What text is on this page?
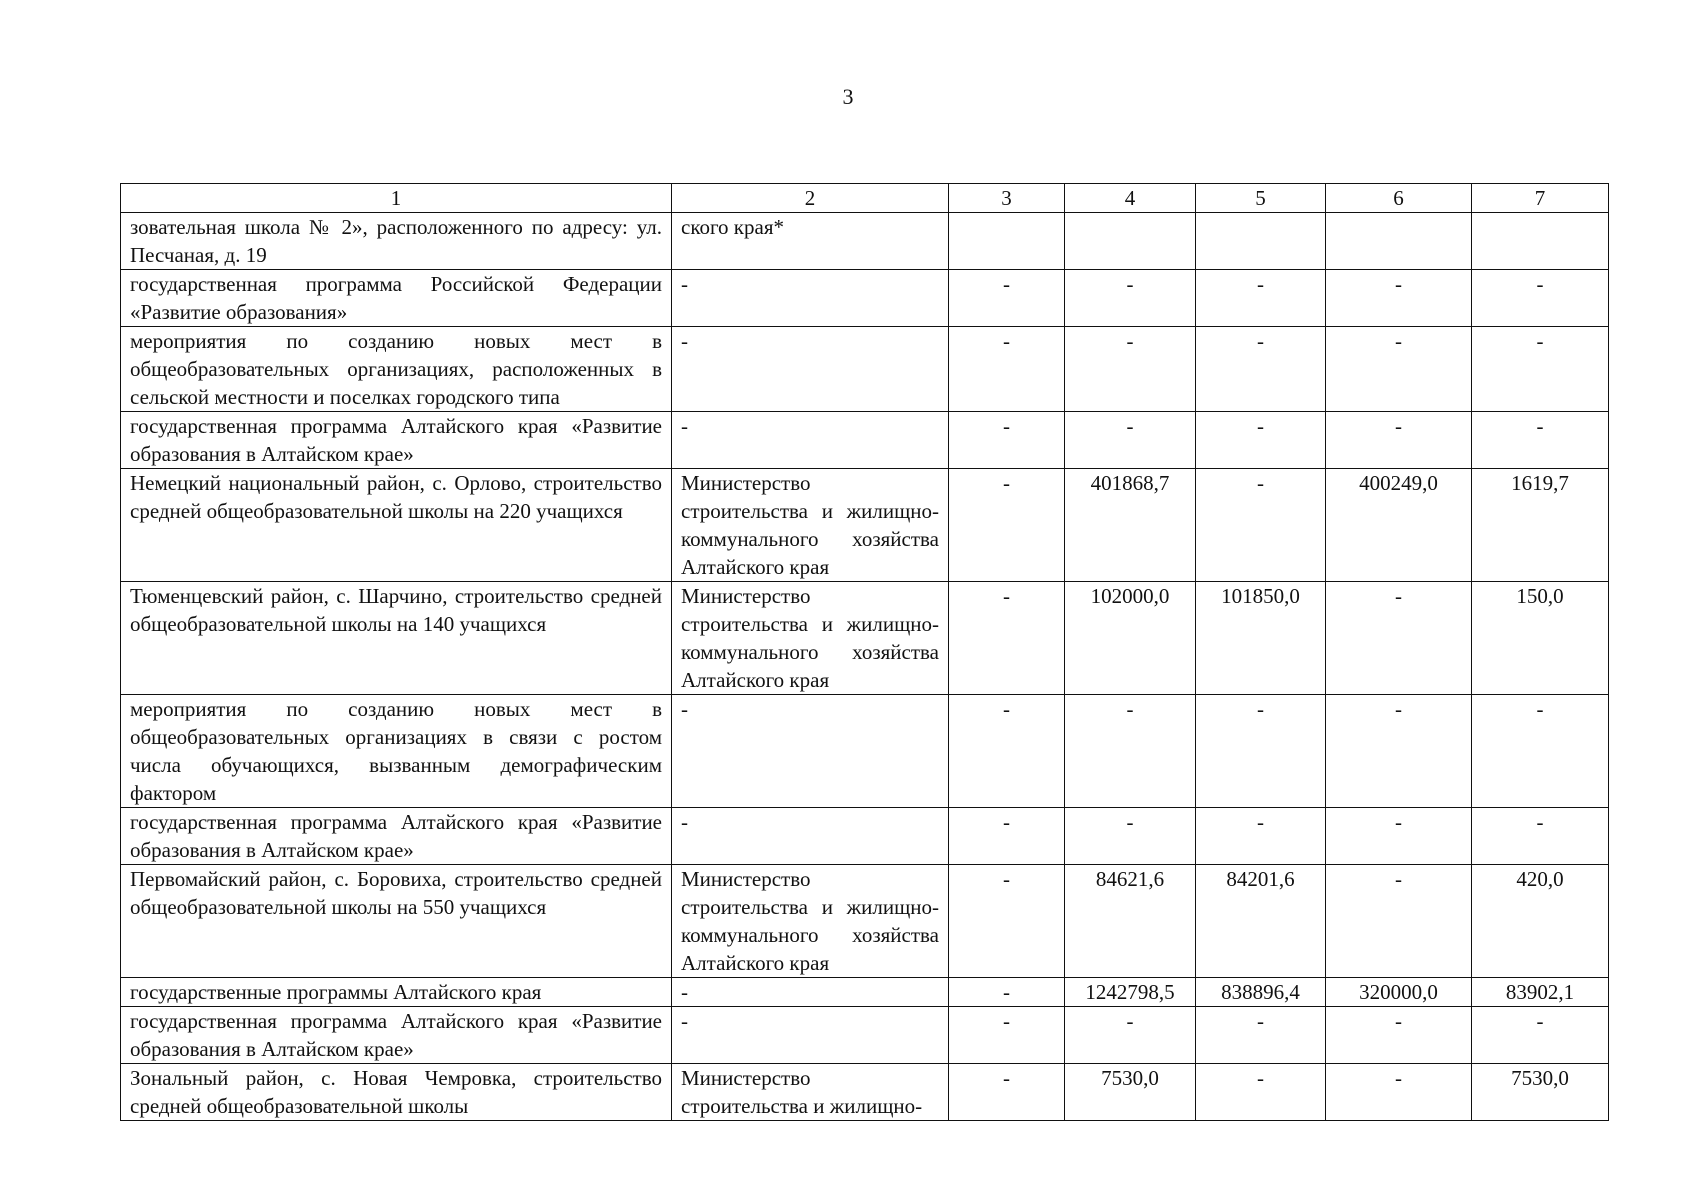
3
1	2	3	4	5	6	7
зовательная школа № 2», расположенного по адресу: ул. Песчаная, д. 19	ского края*					
государственная программа Российской Федерации «Развитие образования»	-	-	-	-	-	-
мероприятия по созданию новых мест в общеобразовательных организациях, расположенных в сельской местности и поселках городского типа	-	-	-	-	-	-
государственная программа Алтайского края «Развитие образования в Алтайском крае»	-	-	-	-	-	-
Немецкий национальный район, с. Орлово, строительство средней общеобразовательной школы на 220 учащихся	Министерство строительства и жилищно-коммунального хозяйства Алтайского края	-	401868,7	-	400249,0	1619,7
Тюменцевский район, с. Шарчино, строительство средней общеобразовательной школы на 140 учащихся	Министерство строительства и жилищно-коммунального хозяйства Алтайского края	-	102000,0	101850,0	-	150,0
мероприятия по созданию новых мест в общеобразовательных организациях в связи с ростом числа обучающихся, вызванным демографическим фактором	-	-	-	-	-	-
государственная программа Алтайского края «Развитие образования в Алтайском крае»	-	-	-	-	-	-
Первомайский район, с. Боровиха, строительство средней общеобразовательной школы на 550 учащихся	Министерство строительства и жилищно-коммунального хозяйства Алтайского края	-	84621,6	84201,6	-	420,0
государственные программы Алтайского края	-	-	1242798,5	838896,4	320000,0	83902,1
государственная программа Алтайского края «Развитие образования в Алтайском крае»	-	-	-	-	-	-
Зональный район, с. Новая Чемровка, строительство средней общеобразовательной школы	Министерство строительства и жилищно-	-	7530,0	-	-	7530,0
